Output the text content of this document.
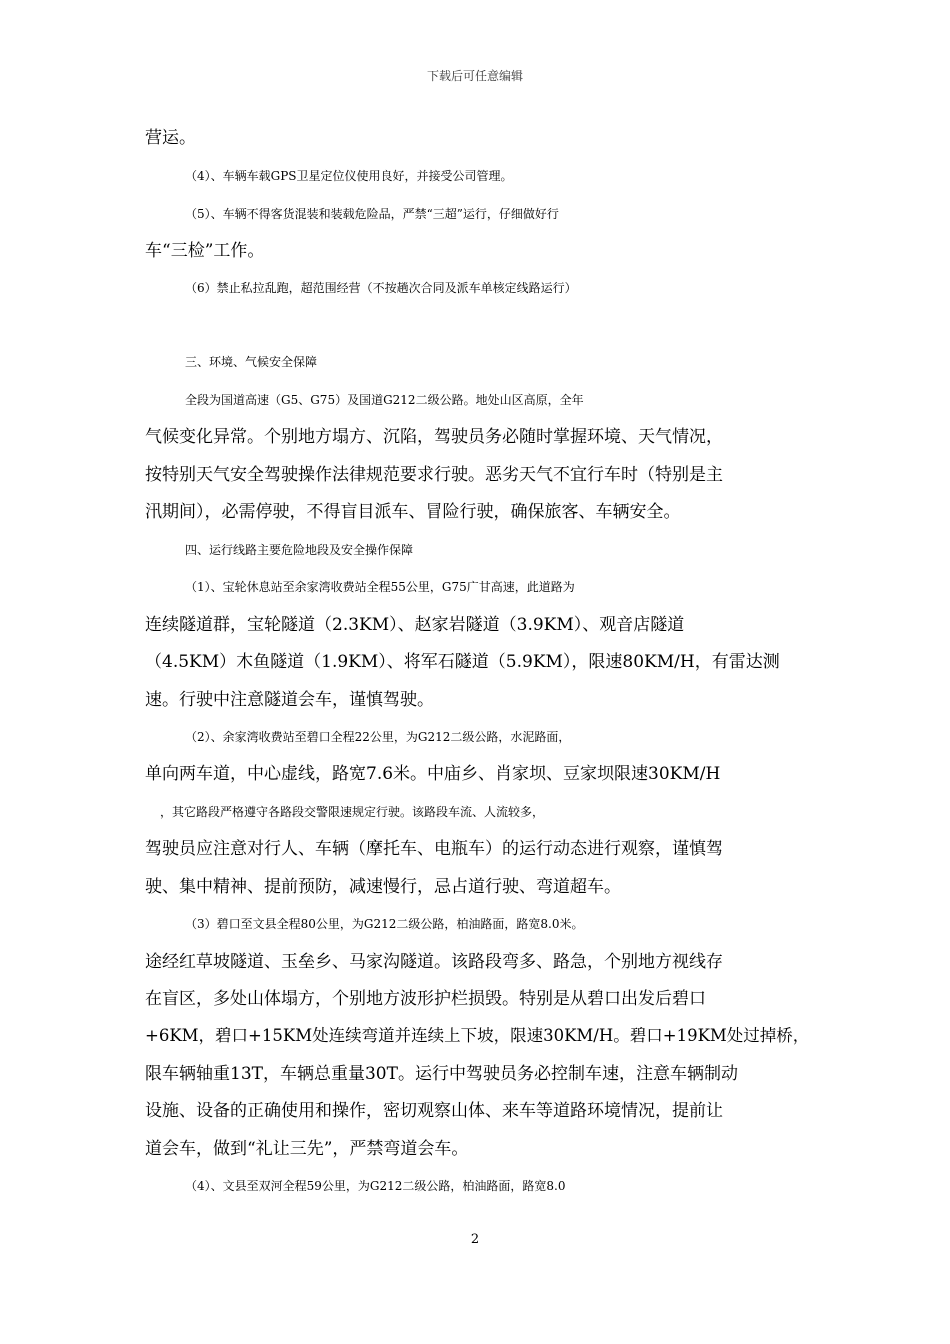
下载后可任意编辑
营运。
（4）、车辆车载GPS卫星定位仪使用良好，并接受公司管理。
（5）、车辆不得客货混装和装载危险品，严禁“三超”运行，仔细做好行
车“三检”工作。
（6）禁止私拉乱跑，超范围经营（不按趟次合同及派车单核定线路运行）
三、环境、气候安全保障
全段为国道高速（G5、G75）及国道G212二级公路。地处山区高原，全年
气候变化异常。个别地方塌方、沉陷，驾驶员务必随时掌握环境、天气情况，
按特别天气安全驾驶操作法律规范要求行驶。恶劣天气不宜行车时（特别是主
汛期间），必需停驶，不得盲目派车、冒险行驶，确保旅客、车辆安全。
四、运行线路主要危险地段及安全操作保障
（1）、宝轮休息站至余家湾收费站全程55公里，G75广甘高速，此道路为
连续隧道群，宝轮隧道（2.3KM）、赵家岩隧道（3.9KM）、观音店隧道
（4.5KM）木鱼隧道（1.9KM）、将军石隧道（5.9KM），限速80KM/H，有雷达测
速。行驶中注意隧道会车，谨慎驾驶。
（2）、余家湾收费站至碧口全程22公里，为G212二级公路，水泥路面，
单向两车道，中心虚线，路宽7.6米。中庙乡、肖家坝、豆家坝限速30KM/H
，其它路段严格遵守各路段交警限速规定行驶。该路段车流、人流较多，
驾驶员应注意对行人、车辆（摩托车、电瓶车）的运行动态进行观察，谨慎驾
驶、集中精神、提前预防，减速慢行，忌占道行驶、弯道超车。
（3）碧口至文县全程80公里，为G212二级公路，柏油路面，路宽8.0米。
途经红草坡隧道、玉垒乡、马家沟隧道。该路段弯多、路急，个别地方视线存
在盲区，多处山体塌方，个别地方波形护栏损毁。特别是从碧口出发后碧口
+6KM，碧口+15KM处连续弯道并连续上下坡，限速30KM/H。碧口+19KM处过掉桥，
限车辆轴重13T，车辆总重量30T。运行中驾驶员务必控制车速，注意车辆制动
设施、设备的正确使用和操作，密切观察山体、来车等道路环境情况，提前让
道会车，做到“礼让三先”，严禁弯道会车。
（4）、文县至双河全程59公里，为G212二级公路，柏油路面，路宽8.0
2
